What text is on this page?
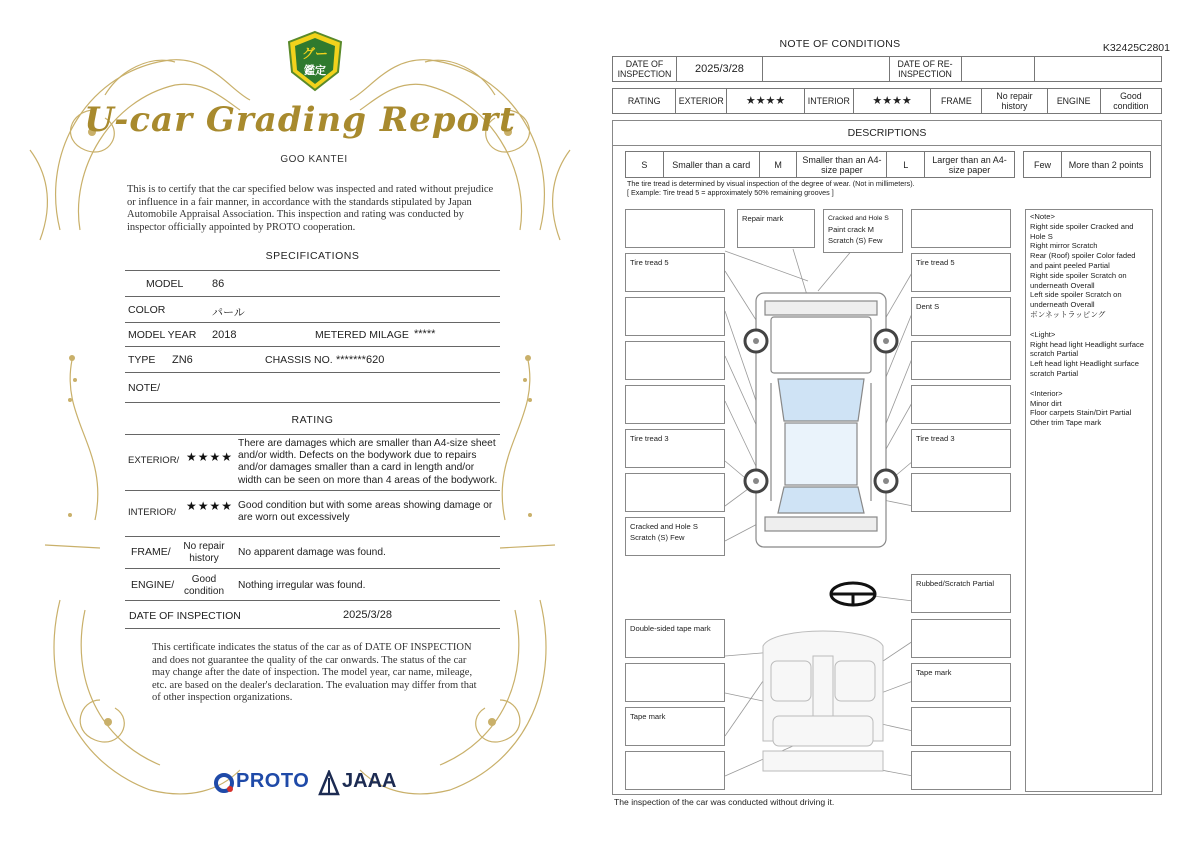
グー
鑑定
U-car Grading Report
GOO KANTEI
This is to certify that the car specified below was inspected and rated without prejudice or influence in a fair manner, in accordance with the standards stipulated by Japan Automobile Appraisal Association. This inspection and rating was conducted by inspector officially appointed by PROTO cooperation.
SPECIFICATIONS
MODEL	86
COLOR	パール
MODEL YEAR 2018	METERED MILAGE *****
TYPE ZN6	CHASSIS NO. *******620
NOTE/
RATING
EXTERIOR/ ★★★★
There are damages which are smaller than A4-size sheet and/or width. Defects on the bodywork due to repairs and/or damages smaller than a card in length and/or width can be seen on more than 4 areas of the bodywork.
INTERIOR/ ★★★★ Good condition but with some areas showing damage or are worn out excessively
FRAME/	No repair history
No apparent damage was found.
ENGINE/	Good condition
Nothing irregular was found.
DATE OF INSPECTION	2025/3/28
This certificate indicates the status of the car as of DATE OF INSPECTION and does not guarantee the quality of the car onwards. The status of the car may change after the date of inspection. The model year, car name, mileage, etc. are based on the dealer's declaration. The evaluation may differ from that of other inspection organizations.
PROTO JAAA
NOTE OF CONDITIONS	K32425C2801
DATE OF INSPECTION	2025/3/28		DATE OF RE-INSPECTION		
RATING	EXTERIOR	★★★★	INTERIOR	★★★★	FRAME	No repair history	ENGINE	Good condition
DESCRIPTIONS
S	Smaller than a card	M	Smaller than an A4-size paper	L	Larger than an A4-size paper	Few	More than 2 points
The tire tread is determined by visual inspection of the degree of wear. (Not in millimeters).
[ Example: Tire tread 5 = approximately 50% remaining grooves ]
Repair mark	Cracked and Hole S
Paint crack M
Scratch (S) Few
Tire tread 5	Tire tread 5
Dent S
Tire tread 3	Tire tread 3
Cracked and Hole S
Scratch (S) Few
Rubbed/Scratch Partial
Double-sided tape mark
Tape mark
Tape mark

<Note>

Right side spoiler Cracked and Hole S

Right mirror Scratch

Rear (Roof) spoiler Color faded and paint peeled Partial

Right side spoiler Scratch on underneath Overall

Left side spoiler Scratch on underneath Overall

ボンネットラッピング

<Light>

Right head light Headlight surface scratch Partial

Left head light Headlight surface scratch Partial

<Interior>

Minor dirt

Floor carpets Stain/Dirt Partial

Other trim Tape mark

The inspection of the car was conducted without driving it.
